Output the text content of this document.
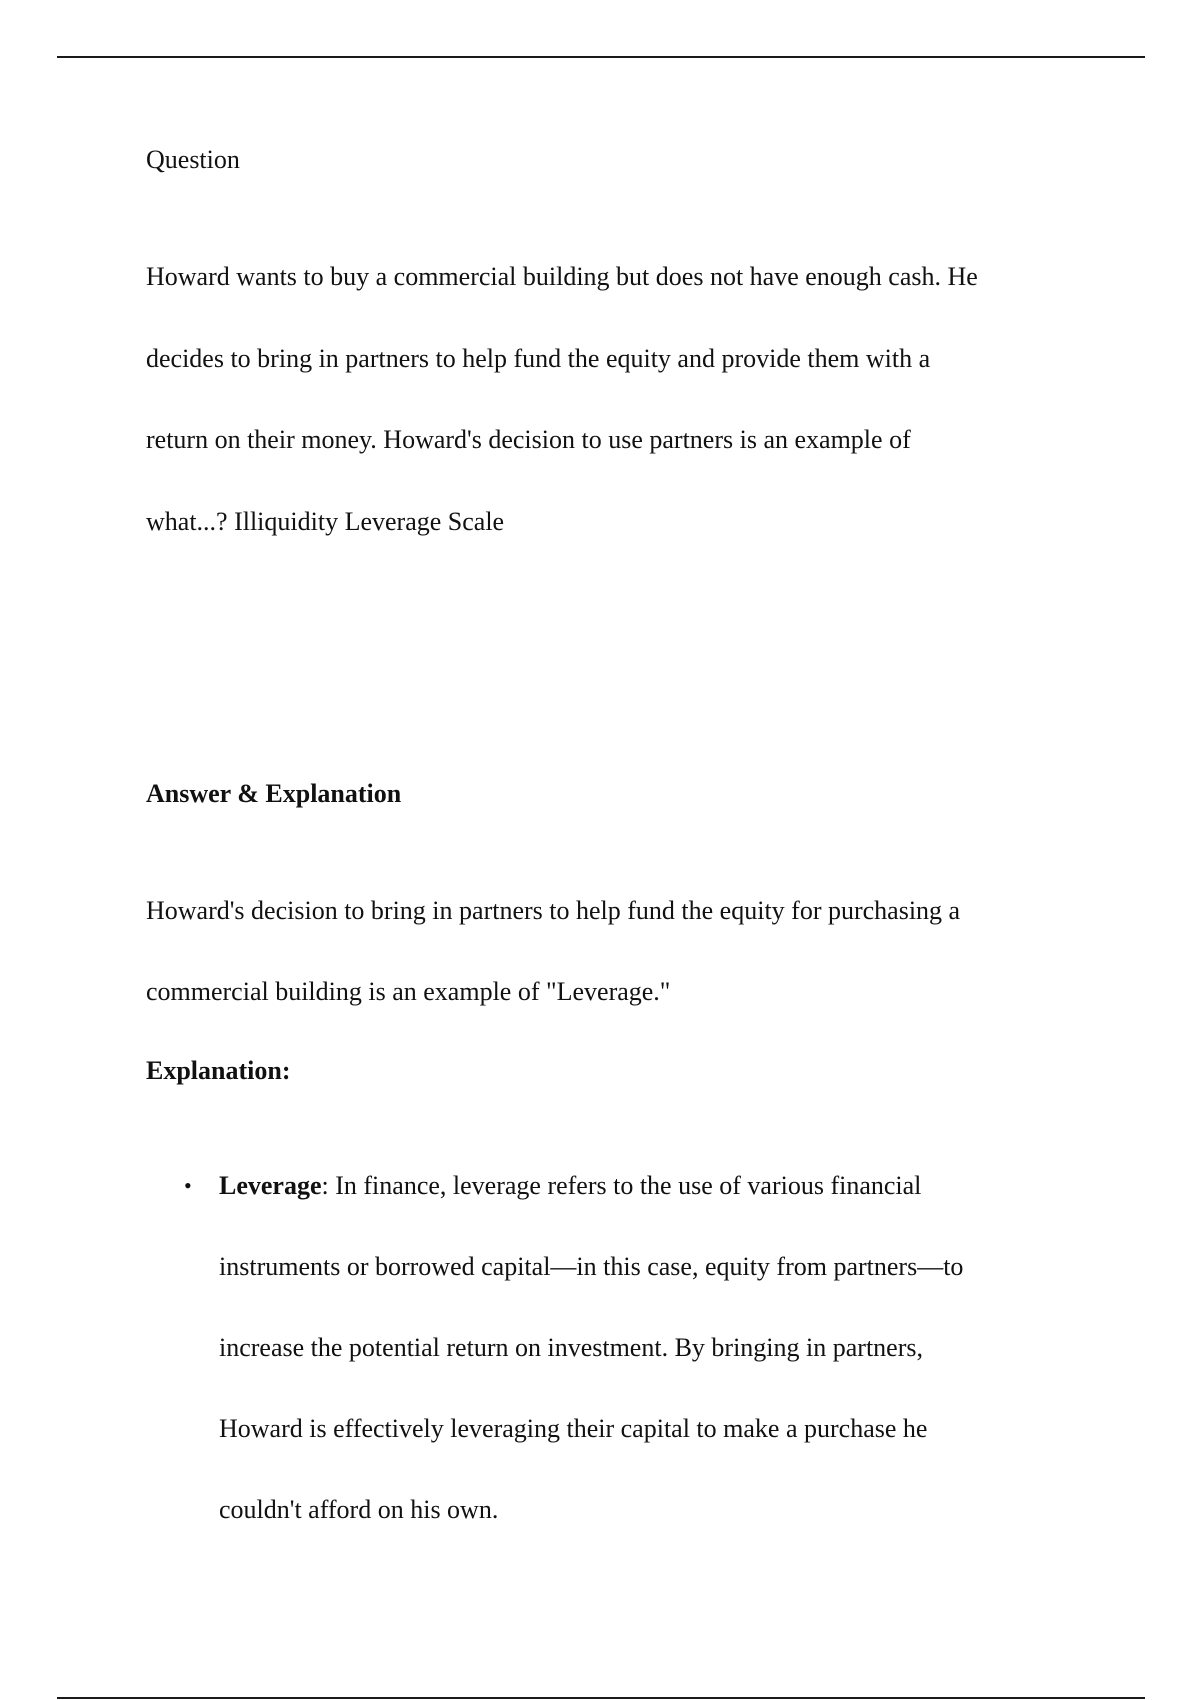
Question

Howard wants to buy a commercial building but does not have enough cash. He
decides to bring in partners to help fund the equity and provide them with a
return on their money. Howard's decision to use partners is an example of
what...? Illiquidity Leverage Scale

Answer & Explanation

Howard's decision to bring in partners to help fund the equity for purchasing a
commercial building is an example of "Leverage."

Explanation:
• Leverage: In finance, leverage refers to the use of various financial
instruments or borrowed capital—in this case, equity from partners—to
increase the potential return on investment. By bringing in partners,
Howard is effectively leveraging their capital to make a purchase he
couldn't afford on his own.
